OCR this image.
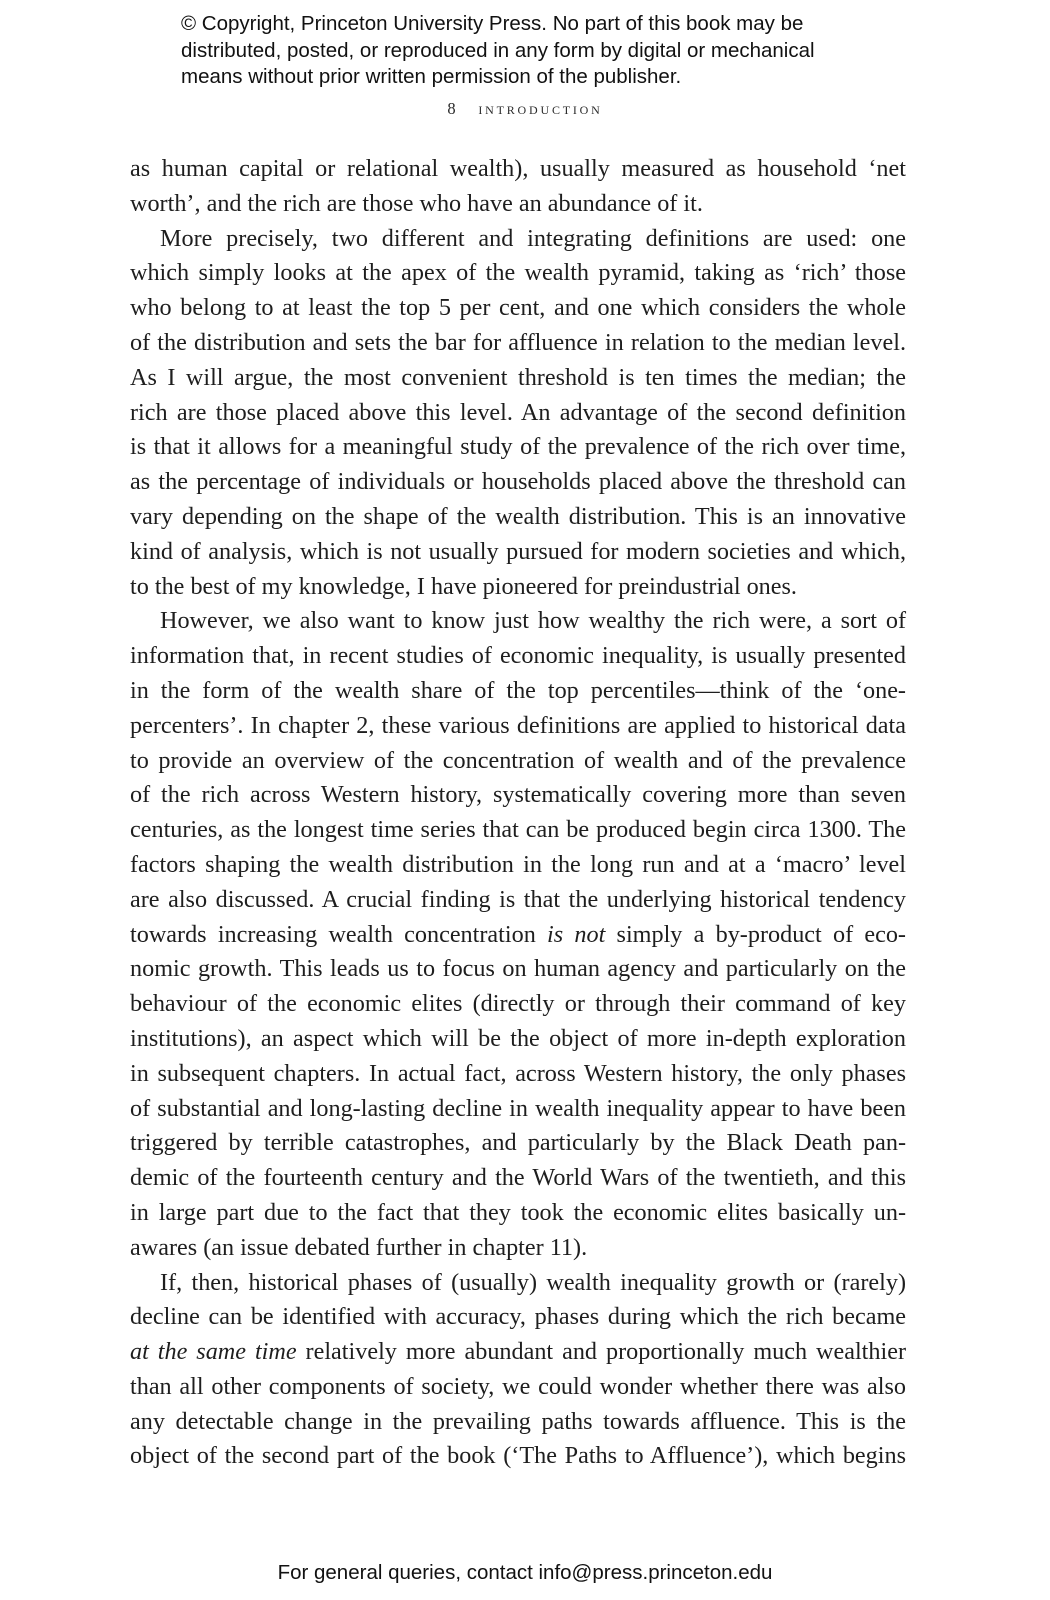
© Copyright, Princeton University Press. No part of this book may be
distributed, posted, or reproduced in any form by digital or mechanical
means without prior written permission of the publisher.
8 introduction
as human capital or relational wealth), usually measured as household ‘net
worth’, and the rich are those who have an abundance of it.
More precisely, two different and integrating definitions are used: one
which simply looks at the apex of the wealth pyramid, taking as ‘rich’ those
who belong to at least the top 5 per cent, and one which considers the whole
of the distribution and sets the bar for affluence in relation to the median level.
As I will argue, the most convenient threshold is ten times the median; the
rich are those placed above this level. An advantage of the second definition
is that it allows for a meaningful study of the prevalence of the rich over time,
as the percentage of individuals or households placed above the threshold can
vary depending on the shape of the wealth distribution. This is an innovative
kind of analysis, which is not usually pursued for modern societies and which,
to the best of my knowledge, I have pioneered for preindustrial ones.
However, we also want to know just how wealthy the rich were, a sort of
information that, in recent studies of economic inequality, is usually presented
in the form of the wealth share of the top percentiles—think of the ‘one-
percenters’. In chapter 2, these various definitions are applied to historical data
to provide an overview of the concentration of wealth and of the prevalence
of the rich across Western history, systematically covering more than seven
centuries, as the longest time series that can be produced begin circa 1300. The
factors shaping the wealth distribution in the long run and at a ‘macro’ level
are also discussed. A crucial finding is that the underlying historical tendency
towards increasing wealth concentration is not simply a by-product of eco-
nomic growth. This leads us to focus on human agency and particularly on the
behaviour of the economic elites (directly or through their command of key
institutions), an aspect which will be the object of more in-depth exploration
in subsequent chapters. In actual fact, across Western history, the only phases
of substantial and long-lasting decline in wealth inequality appear to have been
triggered by terrible catastrophes, and particularly by the Black Death pan-
demic of the fourteenth century and the World Wars of the twentieth, and this
in large part due to the fact that they took the economic elites basically un-
awares (an issue debated further in chapter 11).
If, then, historical phases of (usually) wealth inequality growth or (rarely)
decline can be identified with accuracy, phases during which the rich became
at the same time relatively more abundant and proportionally much wealthier
than all other components of society, we could wonder whether there was also
any detectable change in the prevailing paths towards affluence. This is the
object of the second part of the book (‘The Paths to Affluence’), which begins
For general queries, contact info@press.princeton.edu
